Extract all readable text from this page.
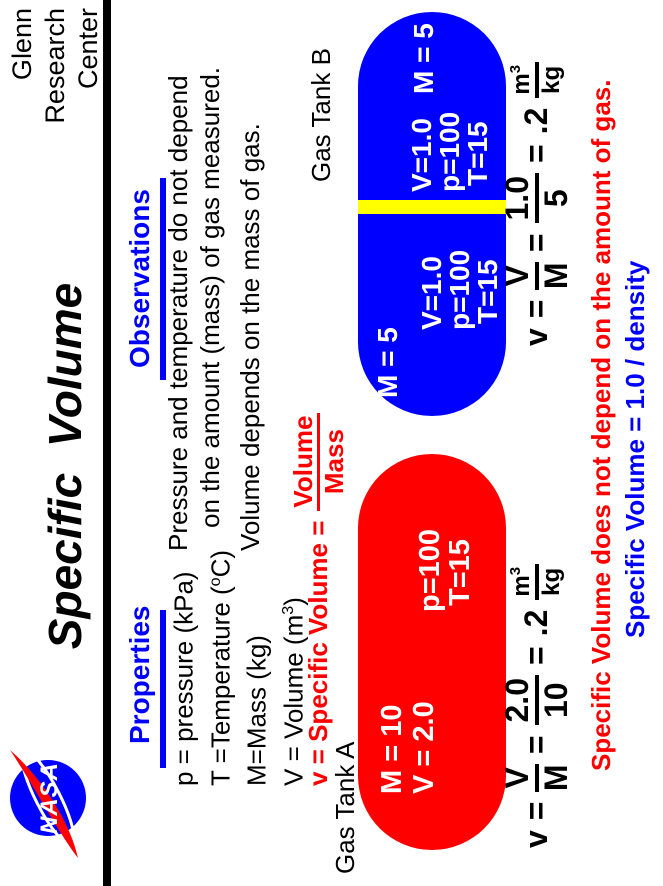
NASA
Glenn Research Center
Specific  Volume
Properties p = pressure (kPa) T =Temperature ($^o$C)
M=Mass (kg) V = Volume $(m^3)$
v = Specific Volume =
Volume Mass
Observations Pressure and temperature do not depend on the amount (mass) of gas measured. Volume depends on the mass of gas.
Gas Tank A M = 10 V = 2.0
p=100
T=15
Gas Tank B
M = 5
V=1.0
p=100
T=15
V=1.0
p=100
T=15
M = 5
v
=
V M
=
2.0 10
=
.2
$m^3$ kg
v
=
V M
=
1.0 5
=
.2
$m^3$ kg Specific Volume does not depend on the amount of gas. Specific Volume = 1.0 / density
